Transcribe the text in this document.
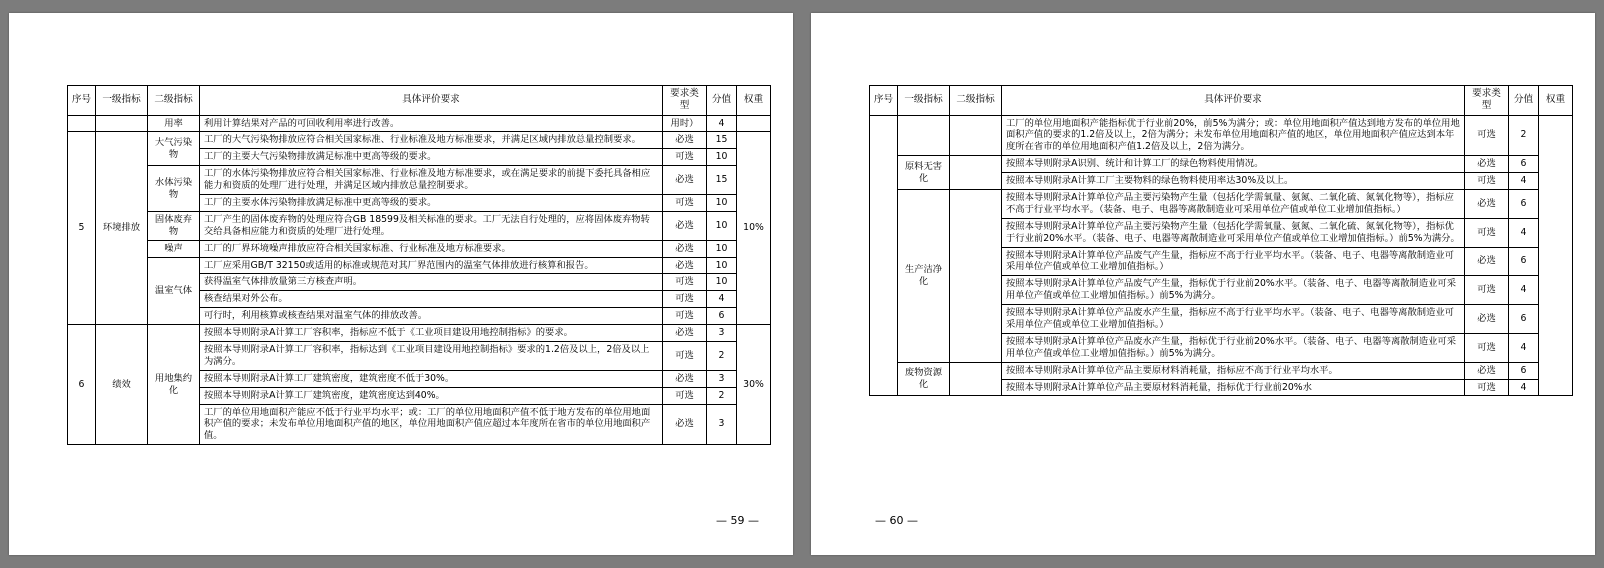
序号	一级指标	二级指标	具体评价要求	要求类型	分值	权重
		用率	利用计算结果对产品的可回收利用率进行改善。	用时）	4	
5	环境排放	大气污染物	工厂的大气污染物排放应符合相关国家标准、行业标准及地方标准要求，并满足区域内排放总量控制要求。	必选	15	10%
			工厂的主要大气污染物排放满足标准中更高等级的要求。	可选	10	
		水体污染物	工厂的水体污染物排放应符合相关国家标准、行业标准及地方标准要求，或在满足要求的前提下委托具备相应能力和资质的处理厂进行处理，并满足区域内排放总量控制要求。	必选	15	
			工厂的主要水体污染物排放满足标准中更高等级的要求。	可选	10	
		固体废弃物	工厂产生的固体废弃物的处理应符合GB 18599及相关标准的要求。工厂无法自行处理的，应将固体废弃物转交给具备相应能力和资质的处理厂进行处理。	必选	10	
		噪声	工厂的厂界环境噪声排放应符合相关国家标准、行业标准及地方标准要求。	必选	10	
		温室气体	工厂应采用GB/T 32150或适用的标准或规范对其厂界范围内的温室气体排放进行核算和报告。	必选	10	
			获得温室气体排放量第三方核查声明。	可选	10	
			核查结果对外公布。	可选	4	
			可行时，利用核算或核查结果对温室气体的排放改善。	可选	6	
6	绩效	用地集约化	按照本导则附录A计算工厂容积率，指标应不低于《工业项目建设用地控制指标》的要求。	必选	3	30%
			按照本导则附录A计算工厂容积率，指标达到《工业项目建设用地控制指标》要求的1.2倍及以上，2倍及以上为满分。	可选	2	
			按照本导则附录A计算工厂建筑密度，建筑密度不低于30%。	必选	3	
			按照本导则附录A计算工厂建筑密度，建筑密度达到40%。	可选	2	
			工厂的单位用地面积产能应不低于行业平均水平；或：工厂的单位用地面积产值不低于地方发布的单位用地面积产值的要求；未发布单位用地面积产值的地区，单位用地面积产值应超过本年度所在省市的单位用地面积产值。	必选	3	
— 59 —
序号	一级指标	二级指标	具体评价要求	要求类型	分值	权重
			工厂的单位用地面积产能指标优于行业前20%，前5%为满分；或：单位用地面积产值达到地方发布的单位用地面积产值的要求的1.2倍及以上，2倍为满分；未发布单位用地面积产值的地区，单位用地面积产值应达到本年度所在省市的单位用地面积产值1.2倍及以上，2倍为满分。	可选	2	
	原料无害化		按照本导则附录A识别、统计和计算工厂的绿色物料使用情况。	必选	6	
			按照本导则附录A计算工厂主要物料的绿色物料使用率达30%及以上。	可选	4	
	生产洁净化		按照本导则附录A计算单位产品主要污染物产生量（包括化学需氧量、氨氮、二氧化硫、氮氧化物等），指标应不高于行业平均水平。（装备、电子、电器等离散制造业可采用单位产值或单位工业增加值指标。）	必选	6	
			按照本导则附录A计算单位产品主要污染物产生量（包括化学需氧量、氨氮、二氧化硫、氮氧化物等），指标优于行业前20%水平。（装备、电子、电器等离散制造业可采用单位产值或单位工业增加值指标。）前5%为满分。	可选	4	
			按照本导则附录A计算单位产品废气产生量，指标应不高于行业平均水平。（装备、电子、电器等离散制造业可采用单位产值或单位工业增加值指标。）	必选	6	
			按照本导则附录A计算单位产品废气产生量，指标优于行业前20%水平。（装备、电子、电器等离散制造业可采用单位产值或单位工业增加值指标。）前5%为满分。	可选	4	
			按照本导则附录A计算单位产品废水产生量，指标应不高于行业平均水平。（装备、电子、电器等离散制造业可采用单位产值或单位工业增加值指标。）	必选	6	
			按照本导则附录A计算单位产品废水产生量，指标优于行业前20%水平。（装备、电子、电器等离散制造业可采用单位产值或单位工业增加值指标。）前5%为满分。	可选	4	
	废物资源化		按照本导则附录A计算单位产品主要原材料消耗量，指标应不高于行业平均水平。	必选	6	
			按照本导则附录A计算单位产品主要原材料消耗量，指标优于行业前20%水	可选	4	
— 60 —
